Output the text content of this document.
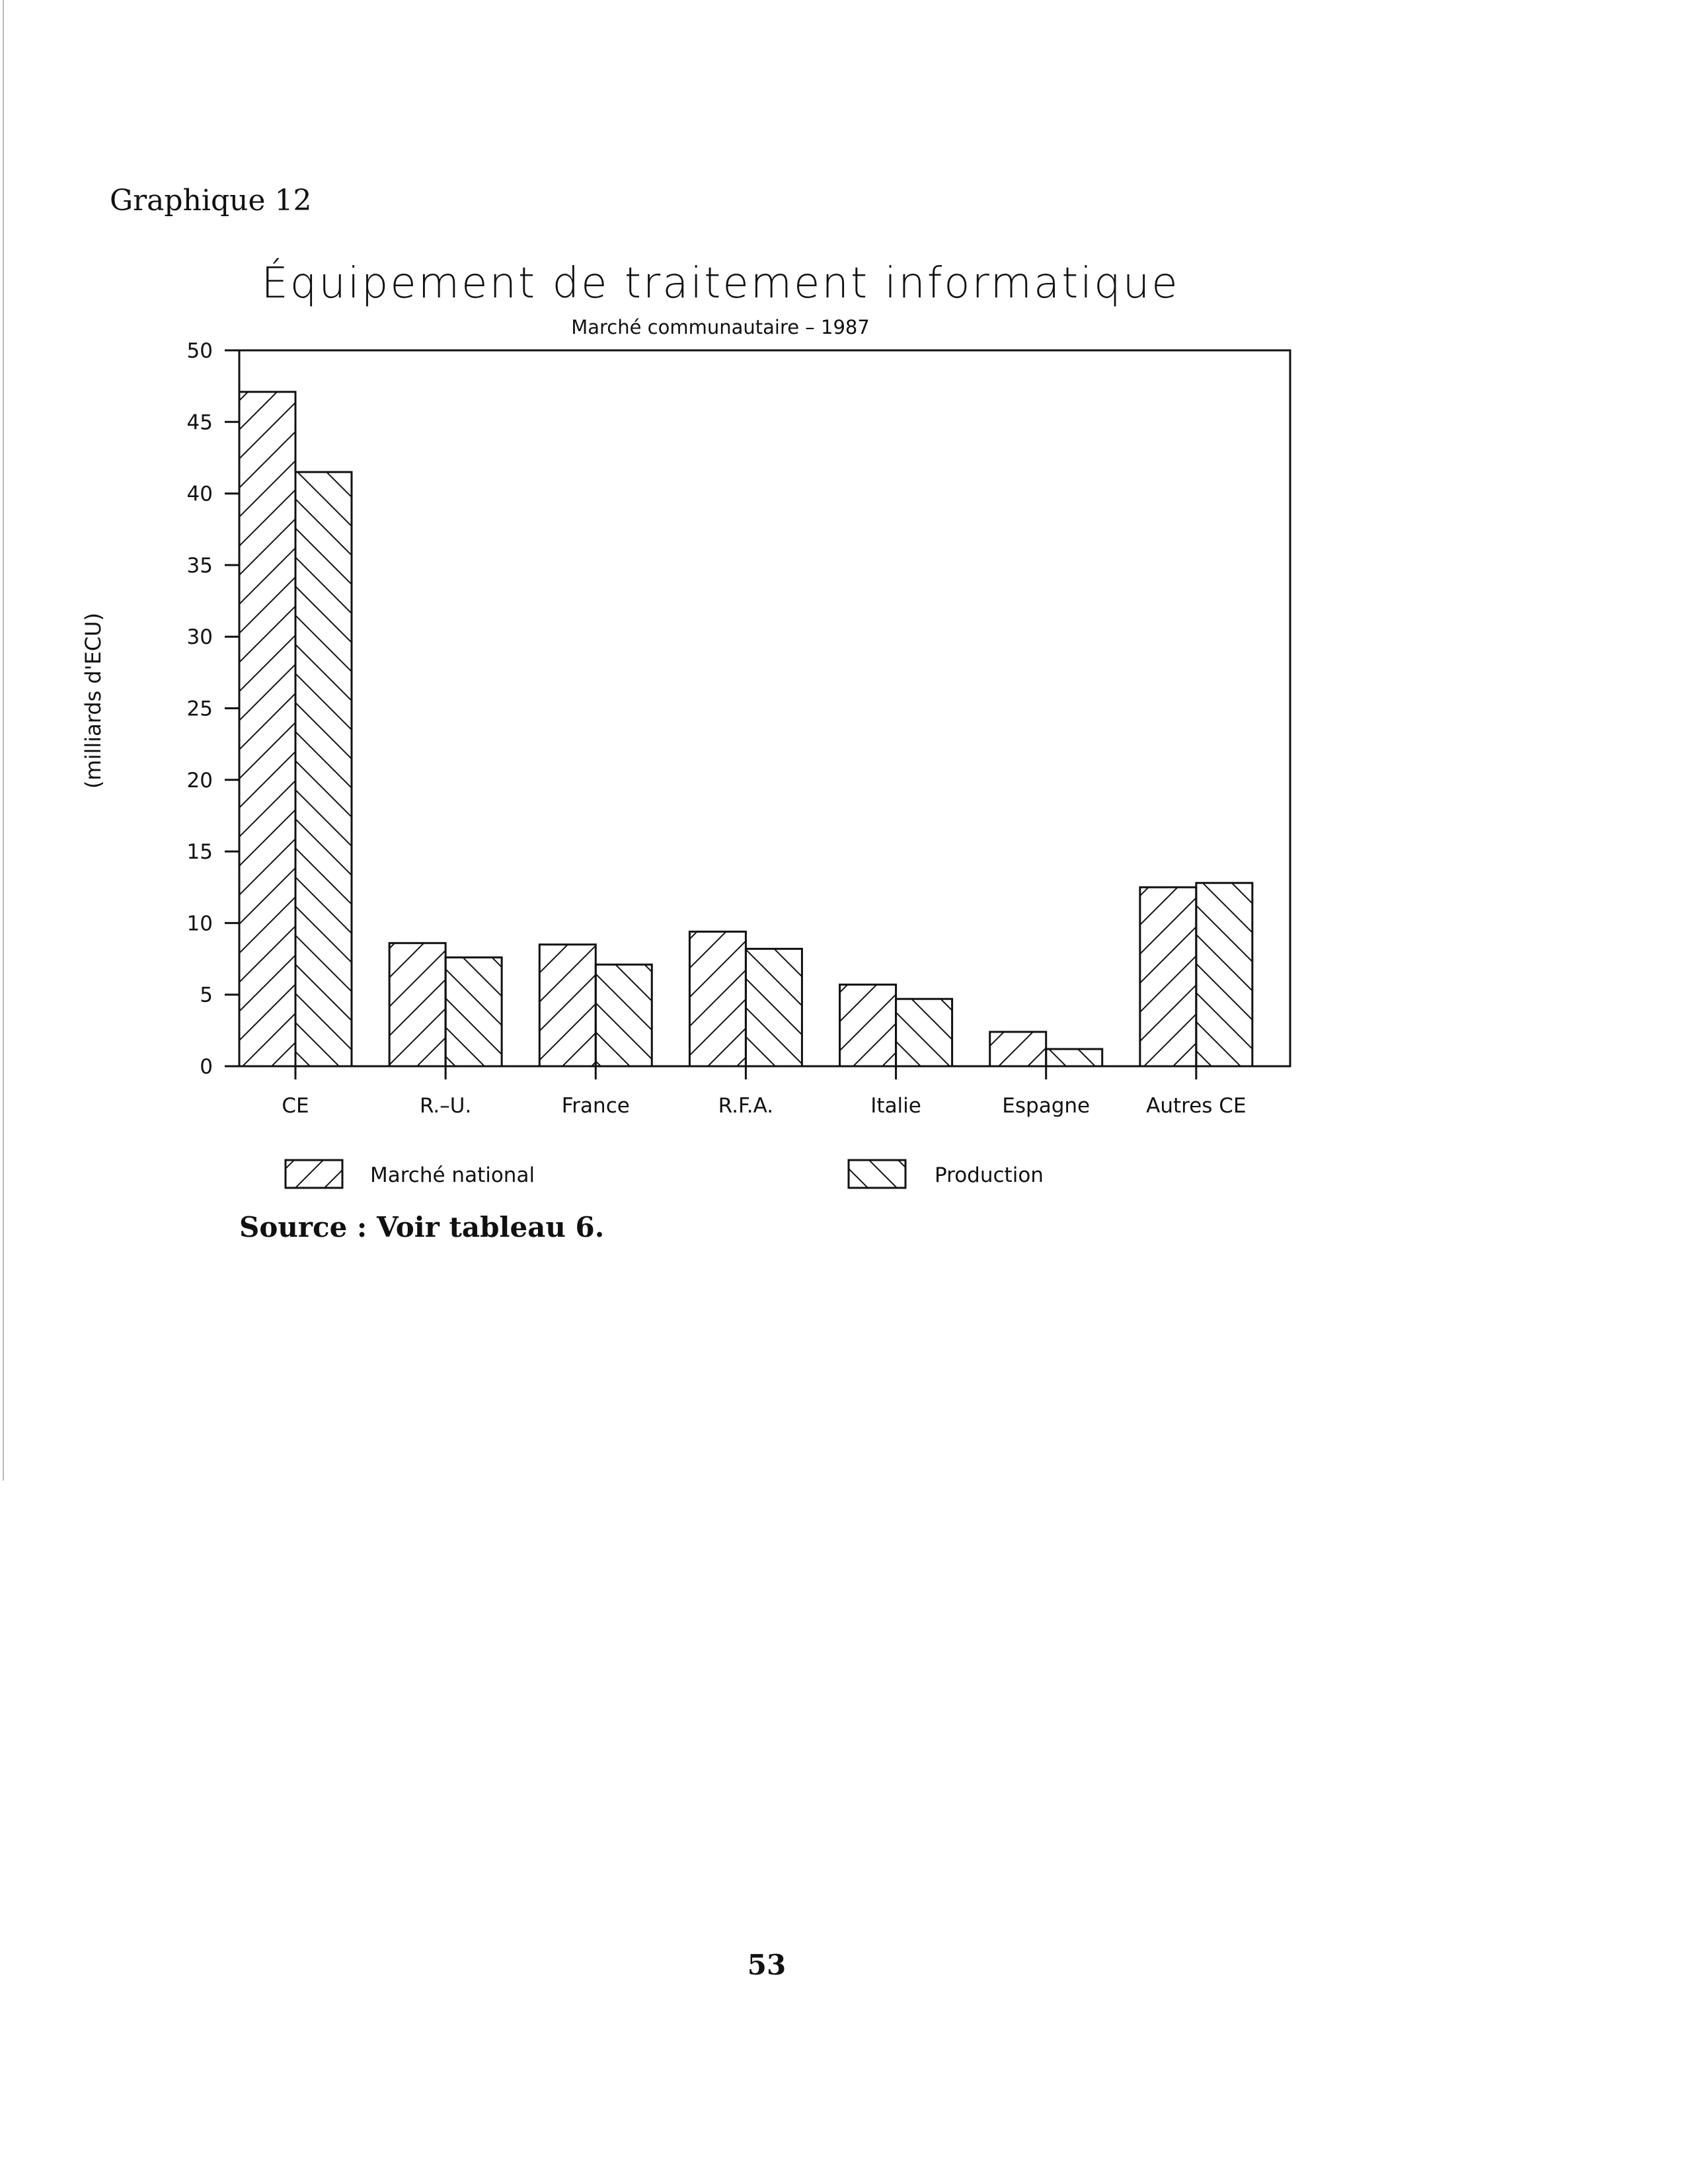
Graphique 12
Équipement de traitement informatique
Marché communautaire – 1987
(milliards d'ECU)
0
5
10
15
20
25
30
35
40
45
50
CE	R.–U.	France	R.F.A.	Italie	Espagne	Autres CE
Marché national	Production
Source : Voir tableau 6.
53
